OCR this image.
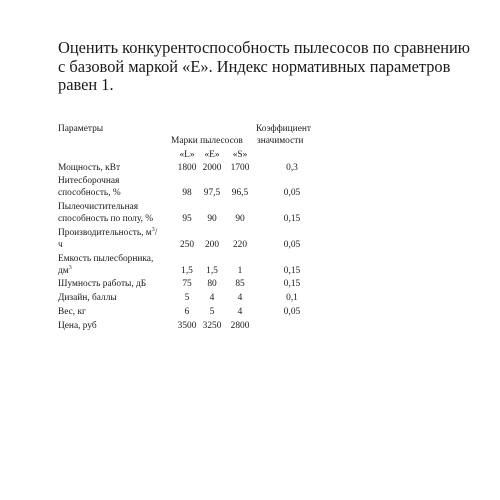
Оценить конкурентоспособность пылесосов по сравнению с базовой маркой «Е». Индекс нормативных параметров равен 1.

Параметры
Марки пылесосов
Коэффициент
значимости
«L» «E» «S»
Мощность, кВт	1800 2000 1700	0,3
Нитесборочная
способность, %	98 97,5 96,5	0,05
Пылеочистительная
способность по полу, %	95 90 90	0,15
Производительность, $м^3/$
ч	250 200 220	0,05
Емкость пылесборника,
$дм^3$	1,5 1,5 1	0,15
Шумность работы, дБ	75 80 85	0,15
Дизайн, баллы	5 4 4	0,1
Вес, кг	6 5 4	0,05
Цена, руб	3500 3250 2800
